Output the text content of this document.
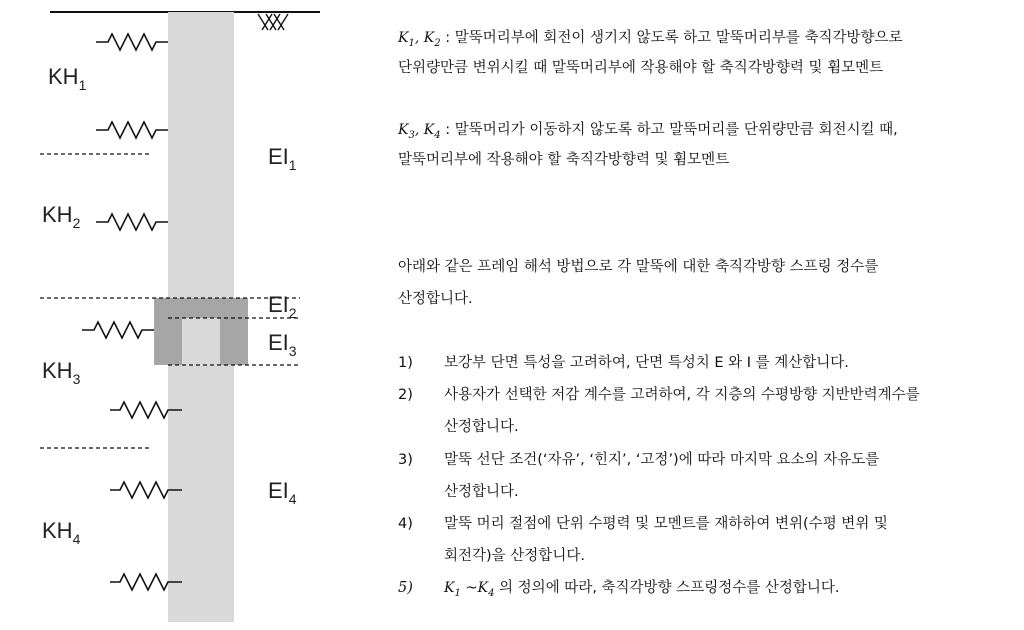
$KH_1$
$KH_2$
$KH_3$
$KH_4$
$EI_1$
$EI_2$
$EI_3$
$EI_4$
$K_1$, $K_2$ : 말뚝머리부에 회전이 생기지 않도록 하고 말뚝머리부를 축직각방향으로
단위량만큼 변위시킬 때 말뚝머리부에 작용해야 할 축직각방향력 및 휨모멘트
$K_3$, $K_4$ : 말뚝머리가 이동하지 않도록 하고 말뚝머리를 단위량만큼 회전시킬 때,
말뚝머리부에 작용해야 할 축직각방향력 및 휨모멘트
아래와 같은 프레임 해석 방법으로 각 말뚝에 대한 축직각방향 스프링 정수를
산정합니다.
1) 보강부 단면 특성을 고려하여, 단면 특성치 E 와 I 를 계산합니다.
2) 사용자가 선택한 저감 계수를 고려하여, 각 지층의 수평방향 지반반력계수를
산정합니다.
3) 말뚝 선단 조건(‘자유’, ‘힌지’, ‘고정’)에 따라 마지막 요소의 자유도를
산정합니다.
4) 말뚝 머리 절점에 단위 수평력 및 모멘트를 재하하여 변위(수평 변위 및
회전각)을 산정합니다.
5) $K_1$ $\sim K_4$ 의 정의에 따라, 축직각방향 스프링정수를 산정합니다.
